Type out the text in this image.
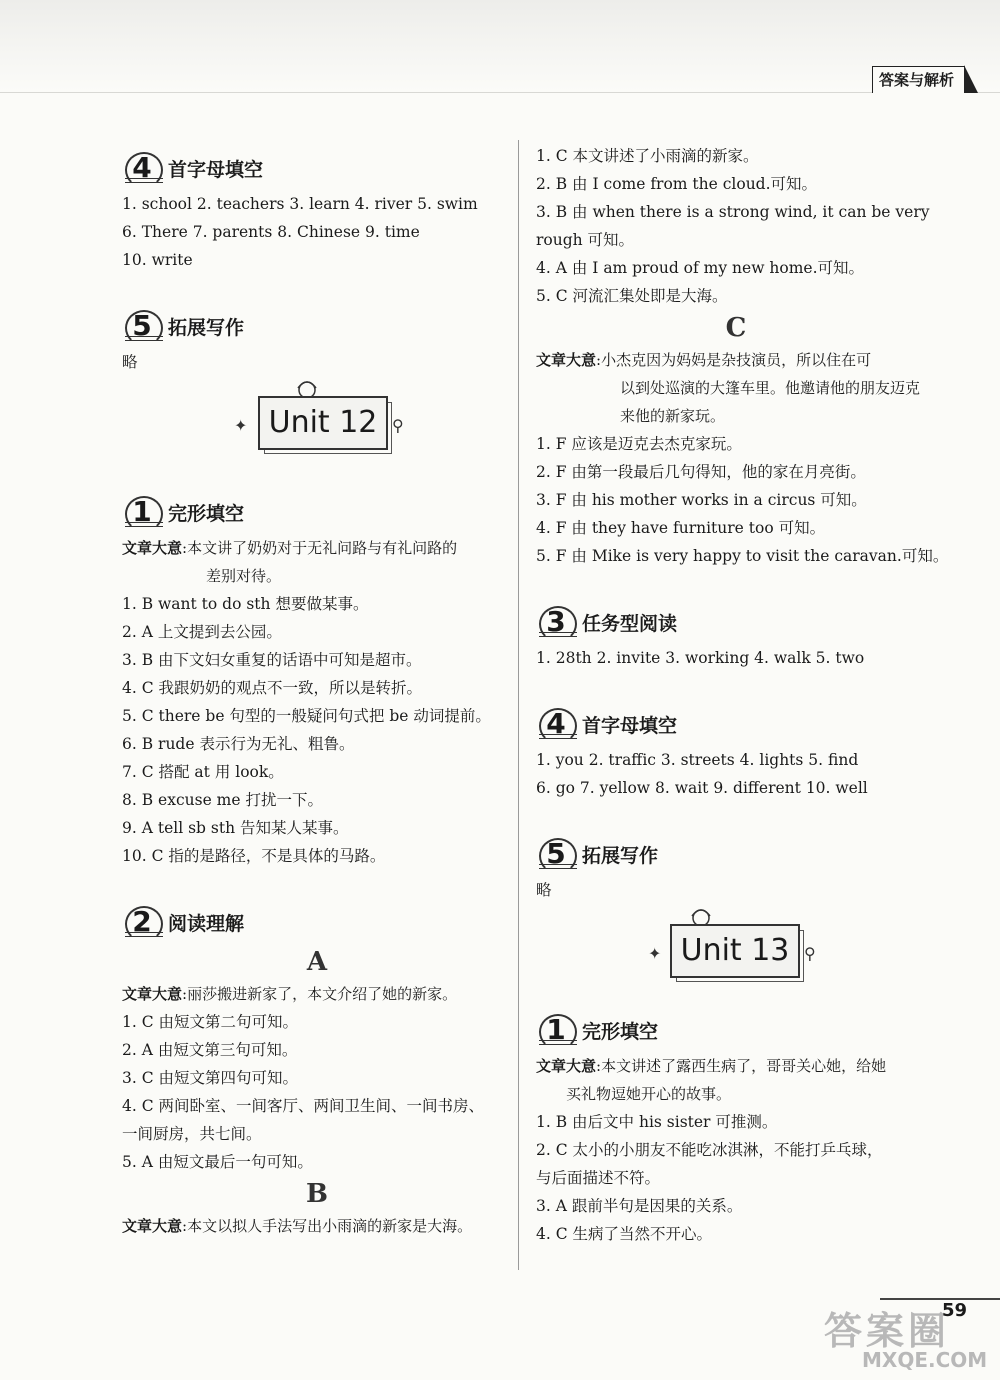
答案与解析
4 首字母填空
1. school 2. teachers 3. learn 4. river 5. swim
6. There 7. parents 8. Chinese 9. time
10. write
5 拓展写作
略
✦ Unit 12 ⚲
1 完形填空
文章大意:本文讲了奶奶对于无礼问路与有礼问路的
差别对待。
1. B want to do sth 想要做某事。
2. A 上文提到去公园。
3. B 由下文妇女重复的话语中可知是超市。
4. C 我跟奶奶的观点不一致，所以是转折。
5. C there be 句型的一般疑问句式把 be 动词提前。
6. B rude 表示行为无礼、粗鲁。
7. C 搭配 at 用 look。
8. B excuse me 打扰一下。
9. A tell sb sth 告知某人某事。
10. C 指的是路径，不是具体的马路。
2 阅读理解
A
文章大意:丽莎搬进新家了，本文介绍了她的新家。
1. C 由短文第二句可知。
2. A 由短文第三句可知。
3. C 由短文第四句可知。
4. C 两间卧室、一间客厅、两间卫生间、一间书房、
一间厨房，共七间。
5. A 由短文最后一句可知。
B
文章大意:本文以拟人手法写出小雨滴的新家是大海。
1. C 本文讲述了小雨滴的新家。
2. B 由 I come from the cloud.可知。
3. B 由 when there is a strong wind, it can be very
rough 可知。
4. A 由 I am proud of my new home.可知。
5. C 河流汇集处即是大海。
C
文章大意:小杰克因为妈妈是杂技演员，所以住在可
以到处巡演的大篷车里。他邀请他的朋友迈克
来他的新家玩。
1. F 应该是迈克去杰克家玩。
2. F 由第一段最后几句得知，他的家在月亮街。
3. F 由 his mother works in a circus 可知。
4. F 由 they have furniture too 可知。
5. F 由 Mike is very happy to visit the caravan.可知。
3 任务型阅读
1. 28th 2. invite 3. working 4. walk 5. two
4 首字母填空
1. you 2. traffic 3. streets 4. lights 5. find
6. go 7. yellow 8. wait 9. different 10. well
5 拓展写作
略
✦ Unit 13 ⚲
1 完形填空
文章大意:本文讲述了露西生病了，哥哥关心她，给她
买礼物逗她开心的故事。
1. B 由后文中 his sister 可推测。
2. C 太小的小朋友不能吃冰淇淋，不能打乒乓球，
与后面描述不符。
3. A 跟前半句是因果的关系。
4. C 生病了当然不开心。
答案圈
59
MXQE.COM
